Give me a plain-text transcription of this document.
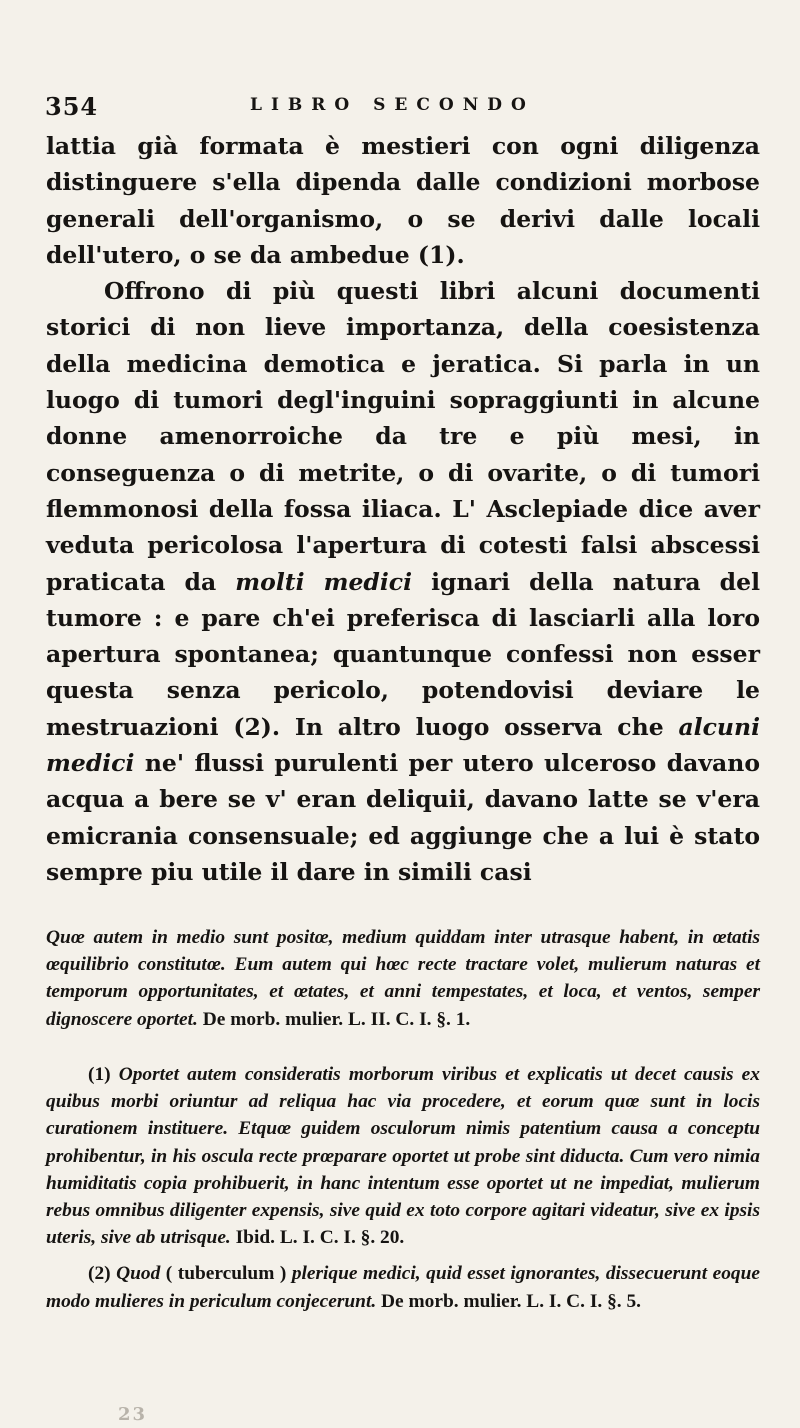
354	LIBRO SECONDO

lattia già formata è mestieri con ogni diligenza distinguere s'ella dipenda dalle condizioni morbose generali dell'organismo, o se derivi dalle locali dell'utero, o se da ambedue (1).

Offrono di più questi libri alcuni documenti storici di non lieve importanza, della coesistenza della medicina demotica e jeratica. Si parla in un luogo di tumori degl'inguini sopraggiunti in alcune donne amenorroiche da tre e più mesi, in conseguenza o di metrite, o di ovarite, o di tumori flemmonosi della fossa iliaca. L' Asclepiade dice aver veduta pericolosa l'apertura di cotesti falsi abscessi praticata da molti medici ignari della natura del tumore : e pare ch'ei preferisca di lasciarli alla loro apertura spontanea; quantunque confessi non esser questa senza pericolo, potendovisi deviare le mestruazioni (2). In altro luogo osserva che alcuni medici ne' flussi purulenti per utero ulceroso davano acqua a bere se v' eran deliquii, davano latte se v'era emicrania consensuale; ed aggiunge che a lui è stato sempre piu utile il dare in simili casi

Quœ autem in medio sunt positœ, medium quiddam inter utrasque habent, in œtatis œquilibrio constitutœ. Eum autem qui hœc recte tractare volet, mulierum naturas et temporum opportunitates, et œtates, et anni tempestates, et loca, et ventos, semper dignoscere oportet. De morb. mulier. L. II. C. I. §. 1.

(1) Oportet autem consideratis morborum viribus et explicatis ut decet causis ex quibus morbi oriuntur ad reliqua hac via procedere, et eorum quœ sunt in locis curationem instituere. Etquœ guidem osculorum nimis patentium causa a conceptu prohibentur, in his oscula recte prœparare oportet ut probe sint diducta. Cum vero nimia humiditatis copia prohibuerit, in hanc intentum esse oportet ut ne impediat, mulierum rebus omnibus diligenter expensis, sive quid ex toto corpore agitari videatur, sive ex ipsis uteris, sive ab utrisque. Ibid. L. I. C. I. §. 20.

(2) Quod ( tuberculum ) plerique medici, quid esset ignorantes, dissecuerunt eoque modo mulieres in periculum conjecerunt. De morb. mulier. L. I. C. I. §. 5.

23
